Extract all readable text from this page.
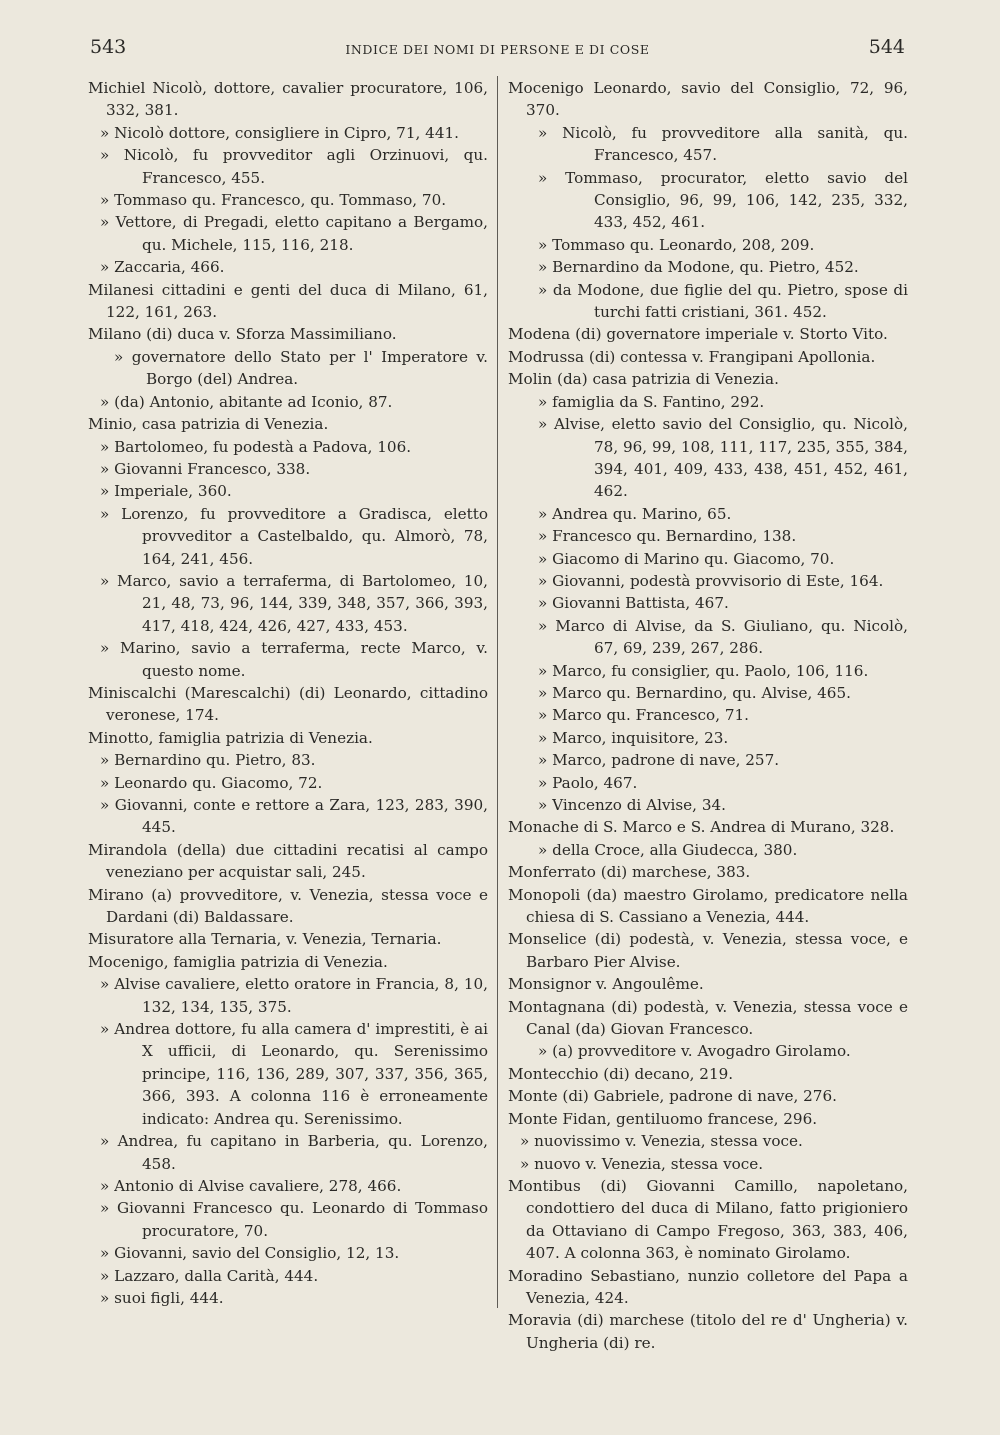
543	INDICE DEI NOMI DI PERSONE E DI COSE	544

Michiel Nicolò, dottore, cavalier procuratore, 106, 332, 381.

» Nicolò dottore, consigliere in Cipro, 71, 441.

» Nicolò, fu provveditor agli Orzinuovi, qu. Francesco, 455.

» Tommaso qu. Francesco, qu. Tommaso, 70.

» Vettore, di Pregadi, eletto capitano a Bergamo, qu. Michele, 115, 116, 218.

» Zaccaria, 466.

Milanesi cittadini e genti del duca di Milano, 61, 122, 161, 263.

Milano (di) duca v. Sforza Massimiliano.

» governatore dello Stato per l' Imperatore v. Borgo (del) Andrea.

» (da) Antonio, abitante ad Iconio, 87.

Minio, casa patrizia di Venezia.

» Bartolomeo, fu podestà a Padova, 106.

» Giovanni Francesco, 338.

» Imperiale, 360.

» Lorenzo, fu provveditore a Gradisca, eletto provveditor a Castelbaldo, qu. Almorò, 78, 164, 241, 456.

» Marco, savio a terraferma, di Bartolomeo, 10, 21, 48, 73, 96, 144, 339, 348, 357, 366, 393, 417, 418, 424, 426, 427, 433, 453.

» Marino, savio a terraferma, recte Marco, v. questo nome.

Miniscalchi (Marescalchi) (di) Leonardo, cittadino veronese, 174.

Minotto, famiglia patrizia di Venezia.

» Bernardino qu. Pietro, 83.

» Leonardo qu. Giacomo, 72.

» Giovanni, conte e rettore a Zara, 123, 283, 390, 445.

Mirandola (della) due cittadini recatisi al campo veneziano per acquistar sali, 245.

Mirano (a) provveditore, v. Venezia, stessa voce e Dardani (di) Baldassare.

Misuratore alla Ternaria, v. Venezia, Ternaria.

Mocenigo, famiglia patrizia di Venezia.

» Alvise cavaliere, eletto oratore in Francia, 8, 10, 132, 134, 135, 375.

» Andrea dottore, fu alla camera d' imprestiti, è ai X ufficii, di Leonardo, qu. Serenissimo principe, 116, 136, 289, 307, 337, 356, 365, 366, 393. A colonna 116 è erroneamente indicato: Andrea qu. Serenissimo.

» Andrea, fu capitano in Barberia, qu. Lorenzo, 458.

» Antonio di Alvise cavaliere, 278, 466.

» Giovanni Francesco qu. Leonardo di Tommaso procuratore, 70.

» Giovanni, savio del Consiglio, 12, 13.

» Lazzaro, dalla Carità, 444.

» suoi figli, 444.

Mocenigo Leonardo, savio del Consiglio, 72, 96, 370.

» Nicolò, fu provveditore alla sanità, qu. Francesco, 457.

» Tommaso, procurator, eletto savio del Consiglio, 96, 99, 106, 142, 235, 332, 433, 452, 461.

» Tommaso qu. Leonardo, 208, 209.

» Bernardino da Modone, qu. Pietro, 452.

» da Modone, due figlie del qu. Pietro, spose di turchi fatti cristiani, 361. 452.

Modena (di) governatore imperiale v. Storto Vito.

Modrussa (di) contessa v. Frangipani Apollonia.

Molin (da) casa patrizia di Venezia.

» famiglia da S. Fantino, 292.

» Alvise, eletto savio del Consiglio, qu. Nicolò, 78, 96, 99, 108, 111, 117, 235, 355, 384, 394, 401, 409, 433, 438, 451, 452, 461, 462.

» Andrea qu. Marino, 65.

» Francesco qu. Bernardino, 138.

» Giacomo di Marino qu. Giacomo, 70.

» Giovanni, podestà provvisorio di Este, 164.

» Giovanni Battista, 467.

» Marco di Alvise, da S. Giuliano, qu. Nicolò, 67, 69, 239, 267, 286.

» Marco, fu consiglier, qu. Paolo, 106, 116.

» Marco qu. Bernardino, qu. Alvise, 465.

» Marco qu. Francesco, 71.

» Marco, inquisitore, 23.

» Marco, padrone di nave, 257.

» Paolo, 467.

» Vincenzo di Alvise, 34.

Monache di S. Marco e S. Andrea di Murano, 328.

» della Croce, alla Giudecca, 380.

Monferrato (di) marchese, 383.

Monopoli (da) maestro Girolamo, predicatore nella chiesa di S. Cassiano a Venezia, 444.

Monselice (di) podestà, v. Venezia, stessa voce, e Barbaro Pier Alvise.

Monsignor v. Angoulême.

Montagnana (di) podestà, v. Venezia, stessa voce e Canal (da) Giovan Francesco.

» (a) provveditore v. Avogadro Girolamo.

Montecchio (di) decano, 219.

Monte (di) Gabriele, padrone di nave, 276.

Monte Fidan, gentiluomo francese, 296.

» nuovissimo v. Venezia, stessa voce.

» nuovo v. Venezia, stessa voce.

Montibus (di) Giovanni Camillo, napoletano, condottiero del duca di Milano, fatto prigioniero da Ottaviano di Campo Fregoso, 363, 383, 406, 407. A colonna 363, è nominato Girolamo.

Moradino Sebastiano, nunzio colletore del Papa a Venezia, 424.

Moravia (di) marchese (titolo del re d' Ungheria) v. Ungheria (di) re.
